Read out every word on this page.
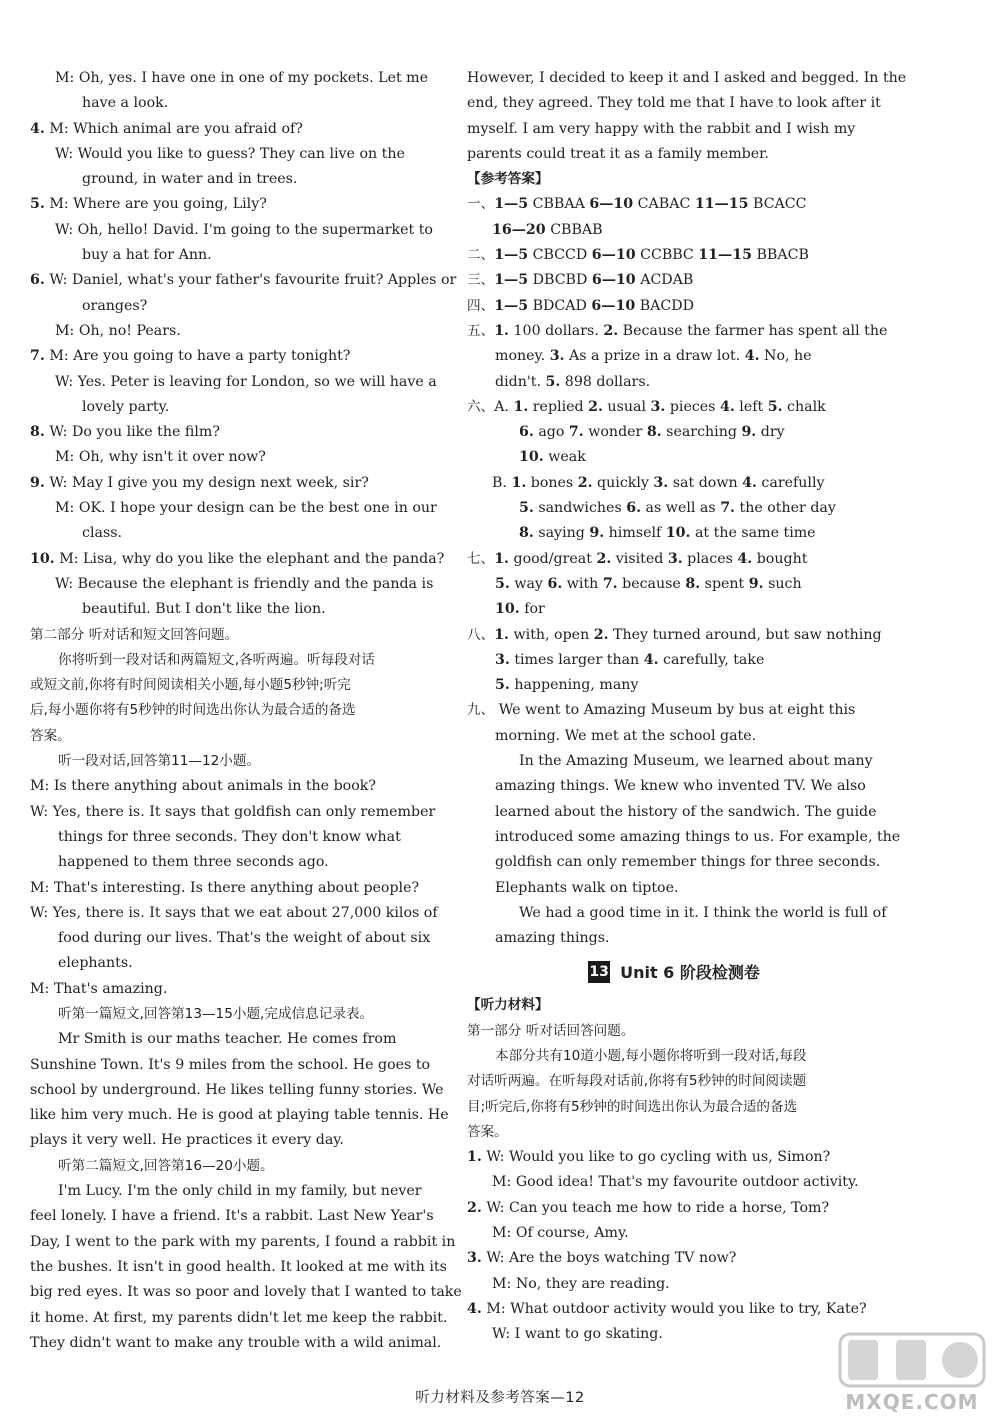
M: Oh, yes. I have one in one of my pockets. Let me
have a look.
4. M: Which animal are you afraid of?
W: Would you like to guess? They can live on the
ground, in water and in trees.
5. M: Where are you going, Lily?
W: Oh, hello! David. I'm going to the supermarket to
buy a hat for Ann.
6. W: Daniel, what's your father's favourite fruit? Apples or
oranges?
M: Oh, no! Pears.
7. M: Are you going to have a party tonight?
W: Yes. Peter is leaving for London, so we will have a
lovely party.
8. W: Do you like the film?
M: Oh, why isn't it over now?
9. W: May I give you my design next week, sir?
M: OK. I hope your design can be the best one in our
class.
10. M: Lisa, why do you like the elephant and the panda?
W: Because the elephant is friendly and the panda is
beautiful. But I don't like the lion.
第二部分 听对话和短文回答问题。
你将听到一段对话和两篇短文,各听两遍。听每段对话
或短文前,你将有时间阅读相关小题,每小题5秒钟;听完
后,每小题你将有5秒钟的时间选出你认为最合适的备选
答案。
听一段对话,回答第11—12小题。
M: Is there anything about animals in the book?
W: Yes, there is. It says that goldfish can only remember
things for three seconds. They don't know what
happened to them three seconds ago.
M: That's interesting. Is there anything about people?
W: Yes, there is. It says that we eat about 27,000 kilos of
food during our lives. That's the weight of about six
elephants.
M: That's amazing.
听第一篇短文,回答第13—15小题,完成信息记录表。
Mr Smith is our maths teacher. He comes from
Sunshine Town. It's 9 miles from the school. He goes to
school by underground. He likes telling funny stories. We
like him very much. He is good at playing table tennis. He
plays it very well. He practices it every day.
听第二篇短文,回答第16—20小题。
I'm Lucy. I'm the only child in my family, but never
feel lonely. I have a friend. It's a rabbit. Last New Year's
Day, I went to the park with my parents, I found a rabbit in
the bushes. It isn't in good health. It looked at me with its
big red eyes. It was so poor and lovely that I wanted to take
it home. At first, my parents didn't let me keep the rabbit.
They didn't want to make any trouble with a wild animal.
However, I decided to keep it and I asked and begged. In the
end, they agreed. They told me that I have to look after it
myself. I am very happy with the rabbit and I wish my
parents could treat it as a family member.
【参考答案】
一、1—5 CBBAA 6—10 CABAC 11—15 BCACC
16—20 CBBAB
二、1—5 CBCCD 6—10 CCBBC 11—15 BBACB
三、1—5 DBCBD 6—10 ACDAB
四、1—5 BDCAD 6—10 BACDD
五、1. 100 dollars. 2. Because the farmer has spent all the
money. 3. As a prize in a draw lot. 4. No, he
didn't. 5. 898 dollars.
六、A. 1. replied 2. usual 3. pieces 4. left 5. chalk
6. ago 7. wonder 8. searching 9. dry
10. weak
B. 1. bones 2. quickly 3. sat down 4. carefully
5. sandwiches 6. as well as 7. the other day
8. saying 9. himself 10. at the same time
七、1. good/great 2. visited 3. places 4. bought
5. way 6. with 7. because 8. spent 9. such
10. for
八、1. with, open 2. They turned around, but saw nothing
3. times larger than 4. carefully, take
5. happening, many
九、 We went to Amazing Museum by bus at eight this
morning. We met at the school gate.
In the Amazing Museum, we learned about many
amazing things. We knew who invented TV. We also
learned about the history of the sandwich. The guide
introduced some amazing things to us. For example, the
goldfish can only remember things for three seconds.
Elephants walk on tiptoe.
We had a good time in it. I think the world is full of
amazing things.
13 Unit 6 阶段检测卷
【听力材料】
第一部分 听对话回答问题。
本部分共有10道小题,每小题你将听到一段对话,每段
对话听两遍。在听每段对话前,你将有5秒钟的时间阅读题
目;听完后,你将有5秒钟的时间选出你认为最合适的备选
答案。
1. W: Would you like to go cycling with us, Simon?
M: Good idea! That's my favourite outdoor activity.
2. W: Can you teach me how to ride a horse, Tom?
M: Of course, Amy.
3. W: Are the boys watching TV now?
M: No, they are reading.
4. M: What outdoor activity would you like to try, Kate?
W: I want to go skating.
听力材料及参考答案—12	MXQE.COM
